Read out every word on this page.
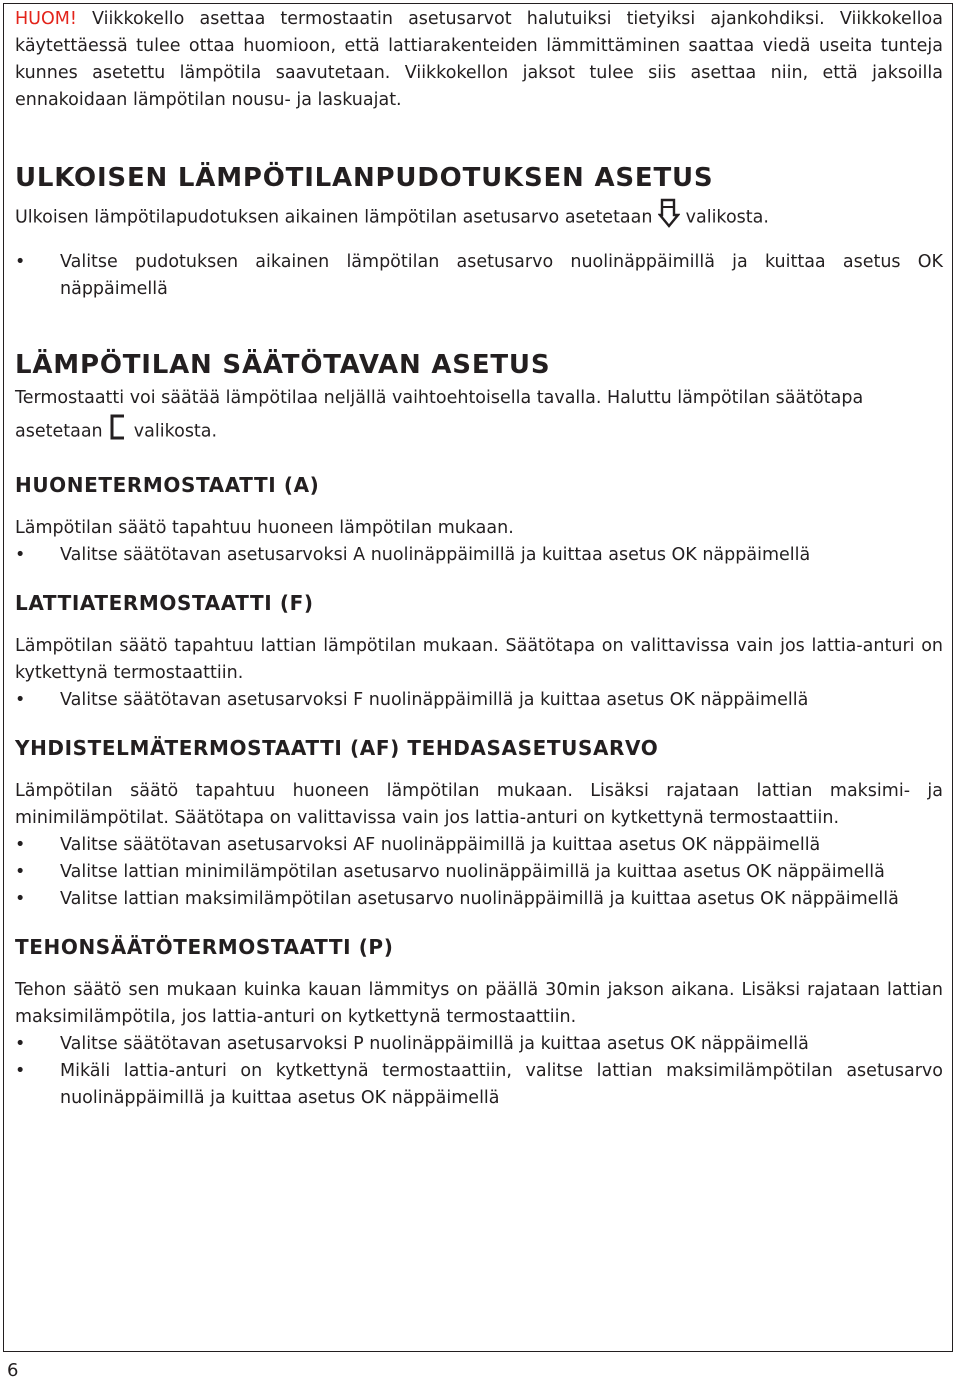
HUOM! Viikkokello asettaa termostaatin asetusarvot halutuiksi tietyiksi ajankohdiksi. Viikkokelloa käytettäessä tulee ottaa huomioon, että lattiarakenteiden lämmittäminen saattaa viedä useita tunteja kunnes asetettu lämpötila saavutetaan. Viikkokellon jaksot tulee siis asettaa niin, että jaksoilla ennakoidaan lämpötilan nousu- ja laskuajat.

ULKOISEN LÄMPÖTILANPUDOTUKSEN ASETUS

Ulkoisen lämpötilapudotuksen aikainen lämpötilan asetusarvo asetetaan valikosta.

• Valitse pudotuksen aikainen lämpötilan asetusarvo nuolinäppäimillä ja kuittaa asetus OK näppäimellä

LÄMPÖTILAN SÄÄTÖTAVAN ASETUS

Termostaatti voi säätää lämpötilaa neljällä vaihtoehtoisella tavalla. Haluttu lämpötilan säätötapa asetetaan valikosta.

HUONETERMOSTAATTI (A)

Lämpötilan säätö tapahtuu huoneen lämpötilan mukaan.

• Valitse säätötavan asetusarvoksi A nuolinäppäimillä ja kuittaa asetus OK näppäimellä

LATTIATERMOSTAATTI (F)

Lämpötilan säätö tapahtuu lattian lämpötilan mukaan. Säätötapa on valittavissa vain jos lattia-anturi on kytkettynä termostaattiin.

• Valitse säätötavan asetusarvoksi F nuolinäppäimillä ja kuittaa asetus OK näppäimellä

YHDISTELMÄTERMOSTAATTI (AF) TEHDASASETUSARVO

Lämpötilan säätö tapahtuu huoneen lämpötilan mukaan. Lisäksi rajataan lattian maksimi- ja minimilämpötilat. Säätötapa on valittavissa vain jos lattia-anturi on kytkettynä termostaattiin.

• Valitse säätötavan asetusarvoksi AF nuolinäppäimillä ja kuittaa asetus OK näppäimellä

• Valitse lattian minimilämpötilan asetusarvo nuolinäppäimillä ja kuittaa asetus OK näppäimellä

• Valitse lattian maksimilämpötilan asetusarvo nuolinäppäimillä ja kuittaa asetus OK näppäimellä

TEHONSÄÄTÖTERMOSTAATTI (P)

Tehon säätö sen mukaan kuinka kauan lämmitys on päällä 30min jakson aikana. Lisäksi rajataan lattian maksimilämpötila, jos lattia-anturi on kytkettynä termostaattiin.

• Valitse säätötavan asetusarvoksi P nuolinäppäimillä ja kuittaa asetus OK näppäimellä

• Mikäli lattia-anturi on kytkettynä termostaattiin, valitse lattian maksimilämpötilan asetusarvo nuolinäppäimillä ja kuittaa asetus OK näppäimellä

6
